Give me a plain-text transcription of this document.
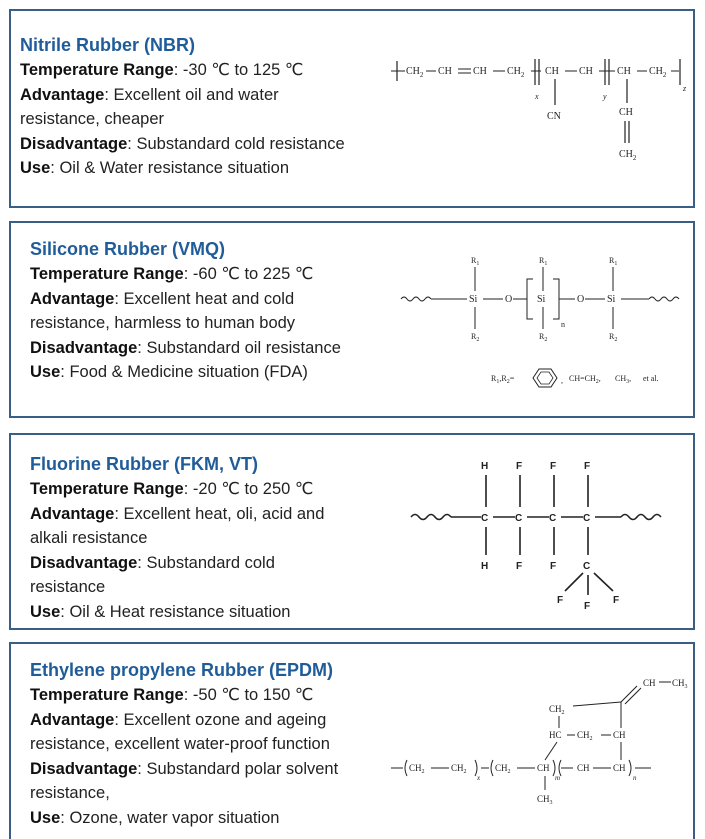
Nitrile Rubber (NBR)
Temperature Range: -30 ℃ to 125 ℃
Advantage: Excellent oil and water
resistance, cheaper
Disadvantage: Substandard cold resistance
Use: Oil & Water resistance situation
$CH_2$ CH CH $CH_2$
x
CH CH
y
CH $CH_2$
z
CN	CH
$CH_2$
Silicone Rubber (VMQ)
Temperature Range: -60 ℃ to 225 ℃
Advantage: Excellent heat and cold
resistance, harmless to human body
Disadvantage: Substandard oil resistance
Use: Food & Medicine situation (FDA)
Si
$R_1$
$R_2$
O Si
$R_1$
$R_2$
n
O Si
$R_1$
$R_2$
$R_1,R_2=$	, $CH=CH_2$, $CH_3$, et al.
Fluorine Rubber (FKM, VT)
Temperature Range: -20 ℃ to 250 ℃
Advantage: Excellent heat, oli, acid and
alkali resistance
Disadvantage: Substandard cold
resistance
Use: Oil & Heat resistance situation
C
H
H
C
F
F
C
F
F
C
F
C
F
F
F
Ethylene propylene Rubber (EPDM)
Temperature Range: -50 ℃ to 150 ℃
Advantage: Excellent ozone and ageing
resistance, excellent water-proof function
Disadvantage: Substandard polar solvent
resistance,
Use: Ozone, water vapor situation
$CH_2$	$CH_2$
x
$CH_2$	CH
m
CH	CH
n
$CH_3$
HC $CH_2$ CH
$CH_2$
CH $CH_3$
